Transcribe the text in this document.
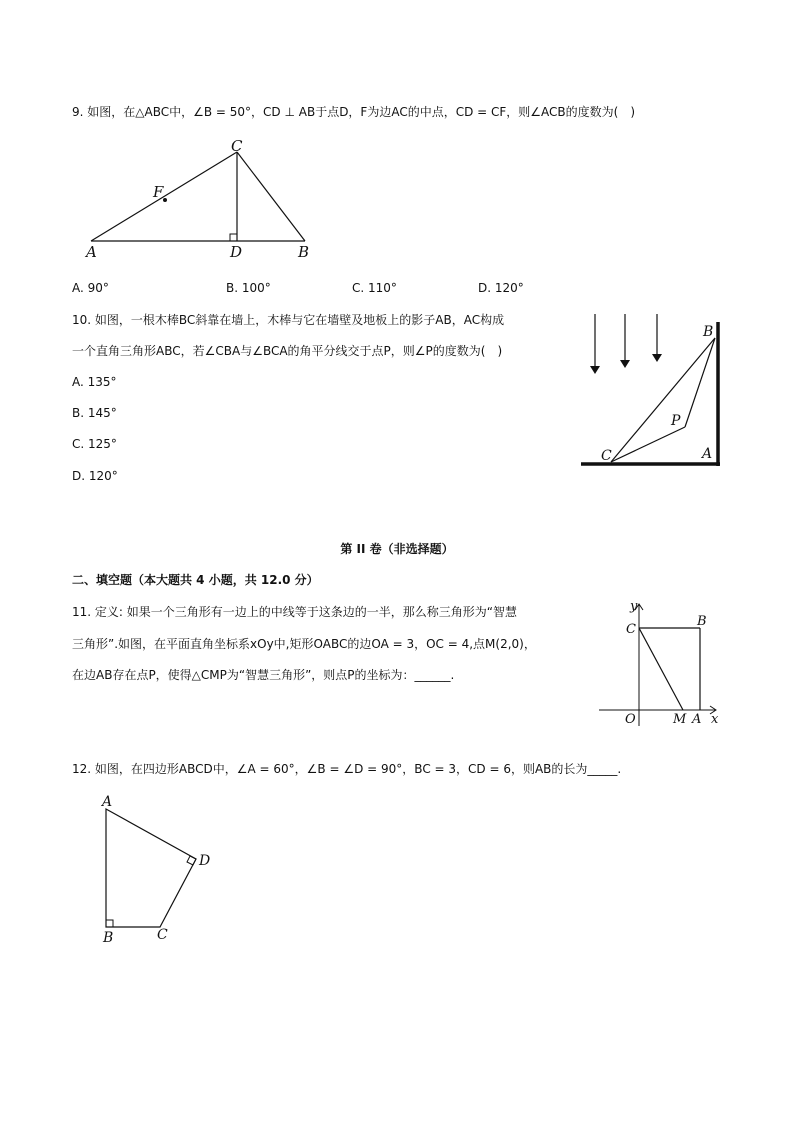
9. 如图，在△ABC中，∠B = 50°，CD ⊥ AB于点D，F为边AC的中点，CD = CF，则∠ACB的度数为(　)
A	B
C
D
F
A. 90°	B. 100°	C. 110°	D. 120°
10. 如图，一根木棒BC斜靠在墙上，木棒与它在墙壁及地板上的影子AB，AC构成
一个直角三角形ABC，若∠CBA与∠BCA的角平分线交于点P，则∠P的度数为(　)
A. 135°
B. 145°
C. 125°
D. 120°
B
C	A
P
第 II 卷（非选择题）
二、填空题（本大题共 4 小题，共 12.0 分）
11. 定义: 如果一个三角形有一边上的中线等于这条边的一半，那么称三角形为“智慧
三角形”.如图，在平面直角坐标系xOy中,矩形OABC的边OA = 3，OC = 4,点M(2,0)，
在边AB存在点P，使得△CMP为“智慧三角形”，则点P的坐标为：______.
y
x
O	M A
B
C
12. 如图，在四边形ABCD中，∠A = 60°，∠B = ∠D = 90°，BC = 3，CD = 6，则AB的长为_____.
A
B	C
D
